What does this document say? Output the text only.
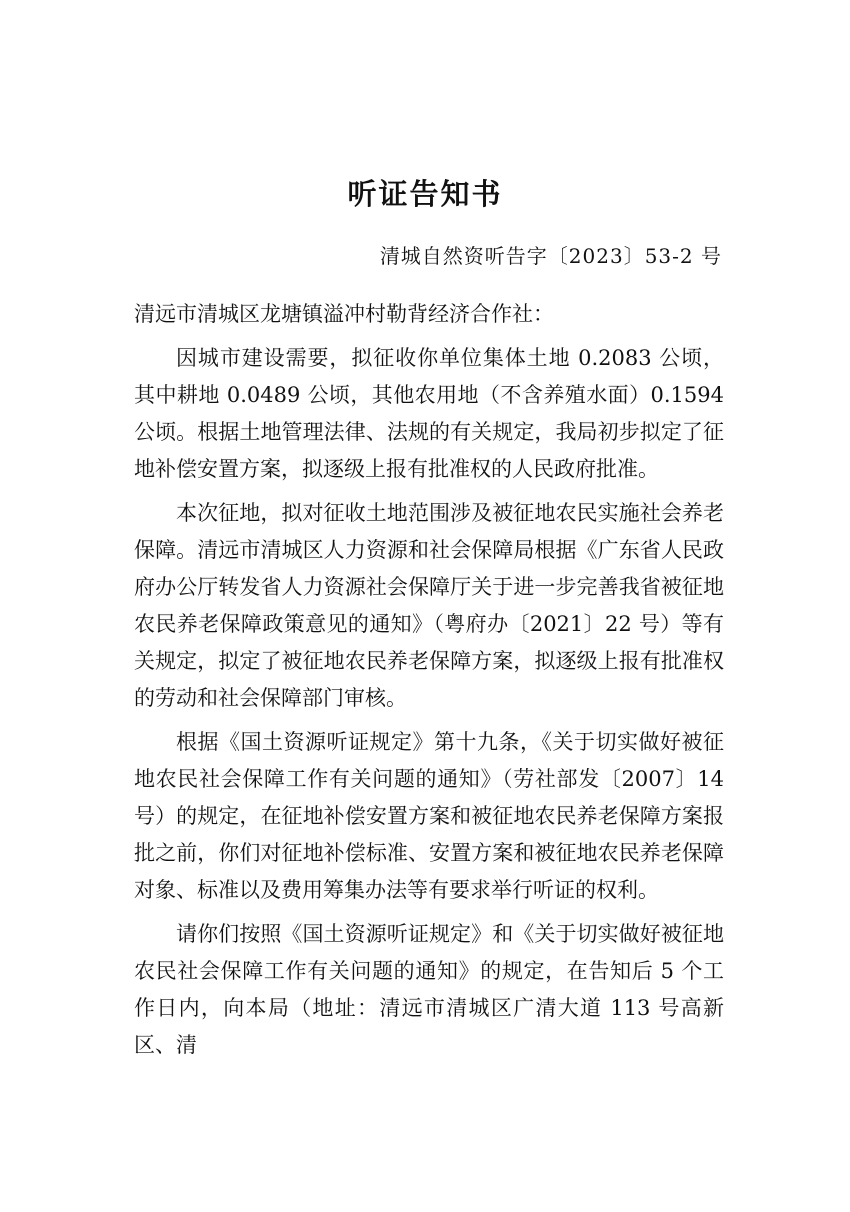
听证告知书
清城自然资听告字〔2023〕53-2 号

清远市清城区龙塘镇溢冲村勒背经济合作社：

因城市建设需要，拟征收你单位集体土地 0.2083 公顷，其中耕地 0.0489 公顷，其他农用地（不含养殖水面）0.1594 公顷。根据土地管理法律、法规的有关规定，我局初步拟定了征地补偿安置方案，拟逐级上报有批准权的人民政府批准。

本次征地，拟对征收土地范围涉及被征地农民实施社会养老保障。清远市清城区人力资源和社会保障局根据《广东省人民政府办公厅转发省人力资源社会保障厅关于进一步完善我省被征地农民养老保障政策意见的通知》（粤府办〔2021〕22 号）等有关规定，拟定了被征地农民养老保障方案，拟逐级上报有批准权的劳动和社会保障部门审核。

根据《国土资源听证规定》第十九条，《关于切实做好被征地农民社会保障工作有关问题的通知》（劳社部发〔2007〕14 号）的规定，在征地补偿安置方案和被征地农民养老保障方案报批之前，你们对征地补偿标准、安置方案和被征地农民养老保障对象、标准以及费用筹集办法等有要求举行听证的权利。

请你们按照《国土资源听证规定》和《关于切实做好被征地农民社会保障工作有关问题的通知》的规定，在告知后 5 个工作日内，向本局（地址：清远市清城区广清大道 113 号高新区、清
